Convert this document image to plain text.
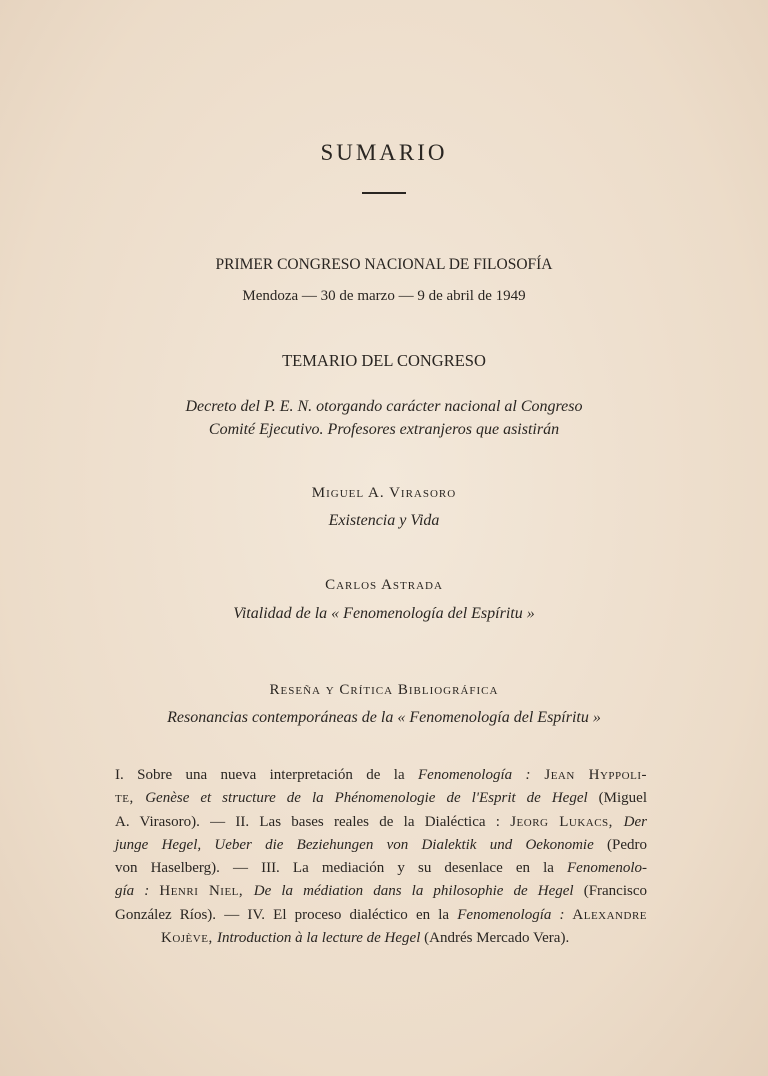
SUMARIO
PRIMER CONGRESO NACIONAL DE FILOSOFÍA
Mendoza — 30 de marzo — 9 de abril de 1949
TEMARIO DEL CONGRESO
Decreto del P. E. N. otorgando carácter nacional al Congreso
Comité Ejecutivo. Profesores extranjeros que asistirán
Miguel A. Virasoro
Existencia y Vida
Carlos Astrada
Vitalidad de la « Fenomenología del Espíritu »
Reseña y Crítica Bibliográfica
Resonancias contemporáneas de la « Fenomenología del Espíritu »
I. Sobre una nueva interpretación de la Fenomenología : Jean Hyppoli-
te, Genèse et structure de la Phénomenologie de l'Esprit de Hegel (Miguel
A. Virasoro). — II. Las bases reales de la Dialéctica : Jeorg Lukacs, Der
junge Hegel, Ueber die Beziehungen von Dialektik und Oekonomie (Pedro
von Haselberg). — III. La mediación y su desenlace en la Fenomenolo-
gía : Henri Niel, De la médiation dans la philosophie de Hegel (Francisco
González Ríos). — IV. El proceso dialéctico en la Fenomenología : Alexandre
Kojève, Introduction à la lecture de Hegel (Andrés Mercado Vera).
